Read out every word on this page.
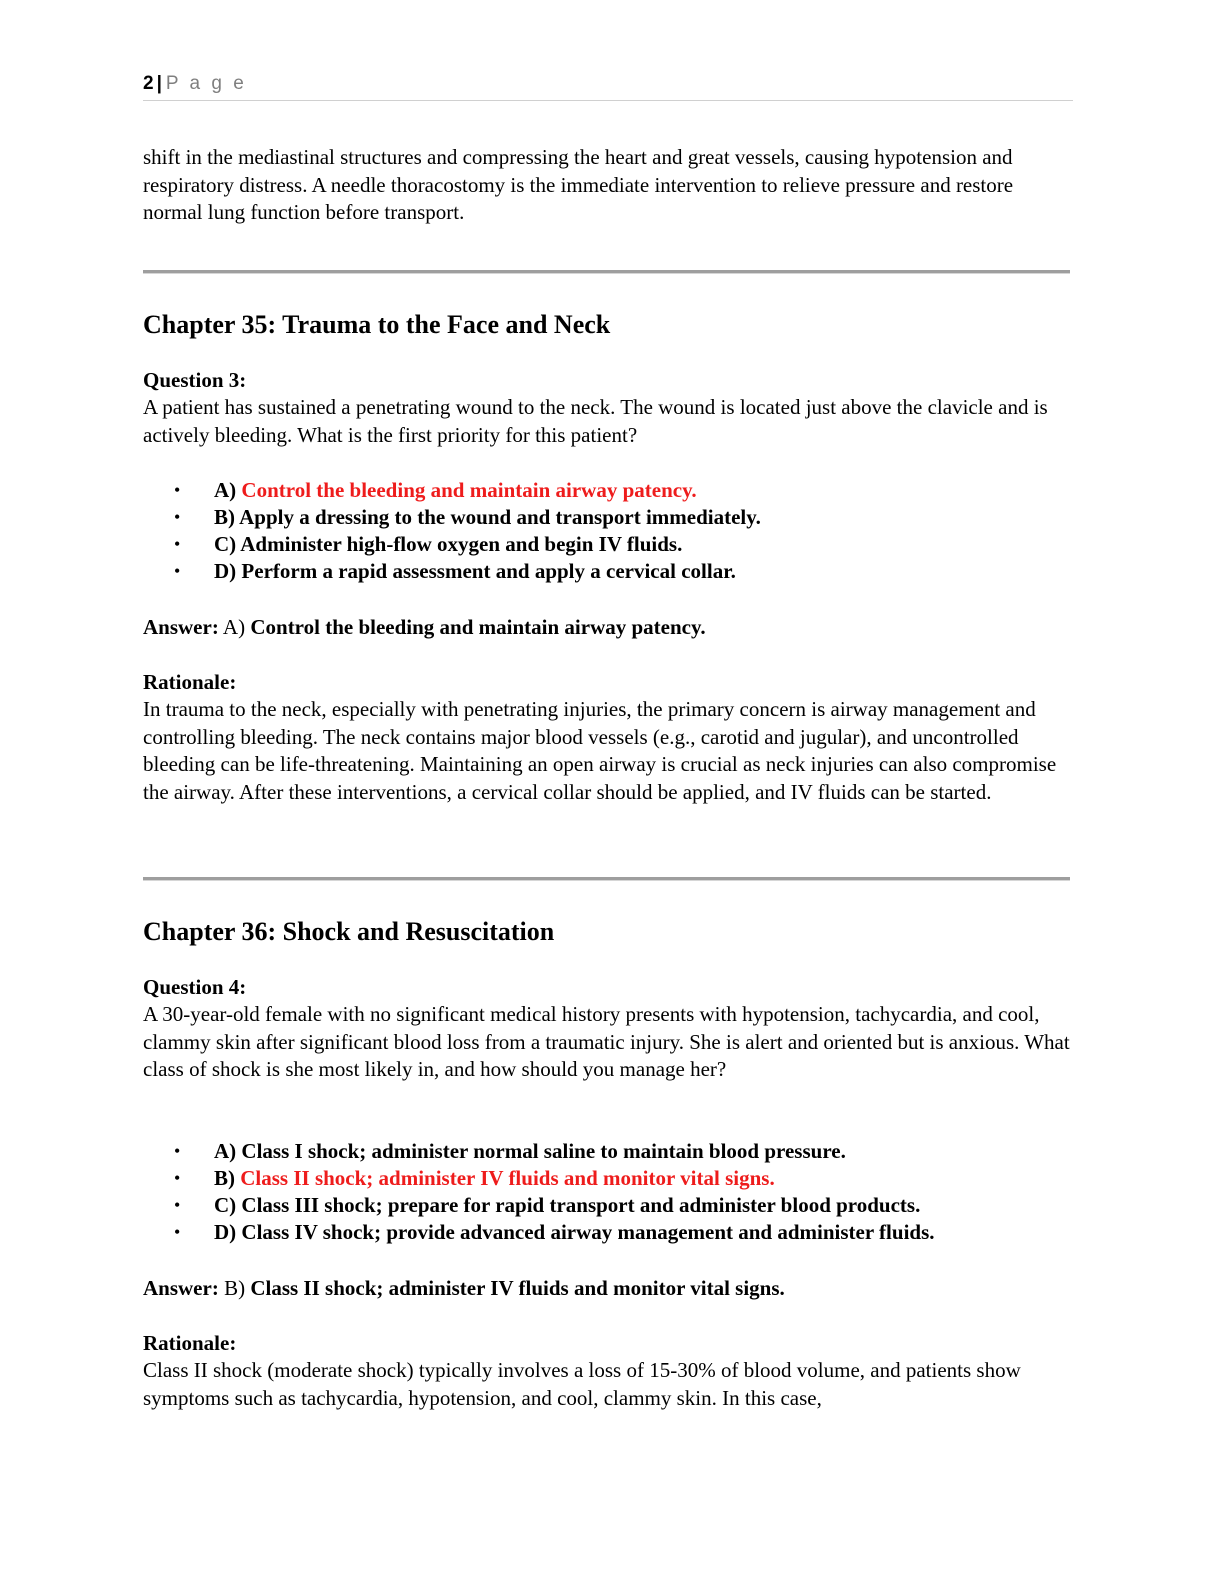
2 | P a g e

shift in the mediastinal structures and compressing the heart and great vessels, causing hypotension and respiratory distress. A needle thoracostomy is the immediate intervention to relieve pressure and restore normal lung function before transport.

Chapter 35: Trauma to the Face and Neck

Question 3:

A patient has sustained a penetrating wound to the neck. The wound is located just above the clavicle and is actively bleeding. What is the first priority for this patient?

• A) Control the bleeding and maintain airway patency.
• B) Apply a dressing to the wound and transport immediately.
• C) Administer high-flow oxygen and begin IV fluids.
• D) Perform a rapid assessment and apply a cervical collar.

Answer: A) Control the bleeding and maintain airway patency.

Rationale:

In trauma to the neck, especially with penetrating injuries, the primary concern is airway management and controlling bleeding. The neck contains major blood vessels (e.g., carotid and jugular), and uncontrolled bleeding can be life-threatening. Maintaining an open airway is crucial as neck injuries can also compromise the airway. After these interventions, a cervical collar should be applied, and IV fluids can be started.

Chapter 36: Shock and Resuscitation

Question 4:

A 30-year-old female with no significant medical history presents with hypotension, tachycardia, and cool, clammy skin after significant blood loss from a traumatic injury. She is alert and oriented but is anxious. What class of shock is she most likely in, and how should you manage her?

• A) Class I shock; administer normal saline to maintain blood pressure.
• B) Class II shock; administer IV fluids and monitor vital signs.
• C) Class III shock; prepare for rapid transport and administer blood products.
• D) Class IV shock; provide advanced airway management and administer fluids.

Answer: B) Class II shock; administer IV fluids and monitor vital signs.

Rationale:

Class II shock (moderate shock) typically involves a loss of 15-30% of blood volume, and patients show symptoms such as tachycardia, hypotension, and cool, clammy skin. In this case,
